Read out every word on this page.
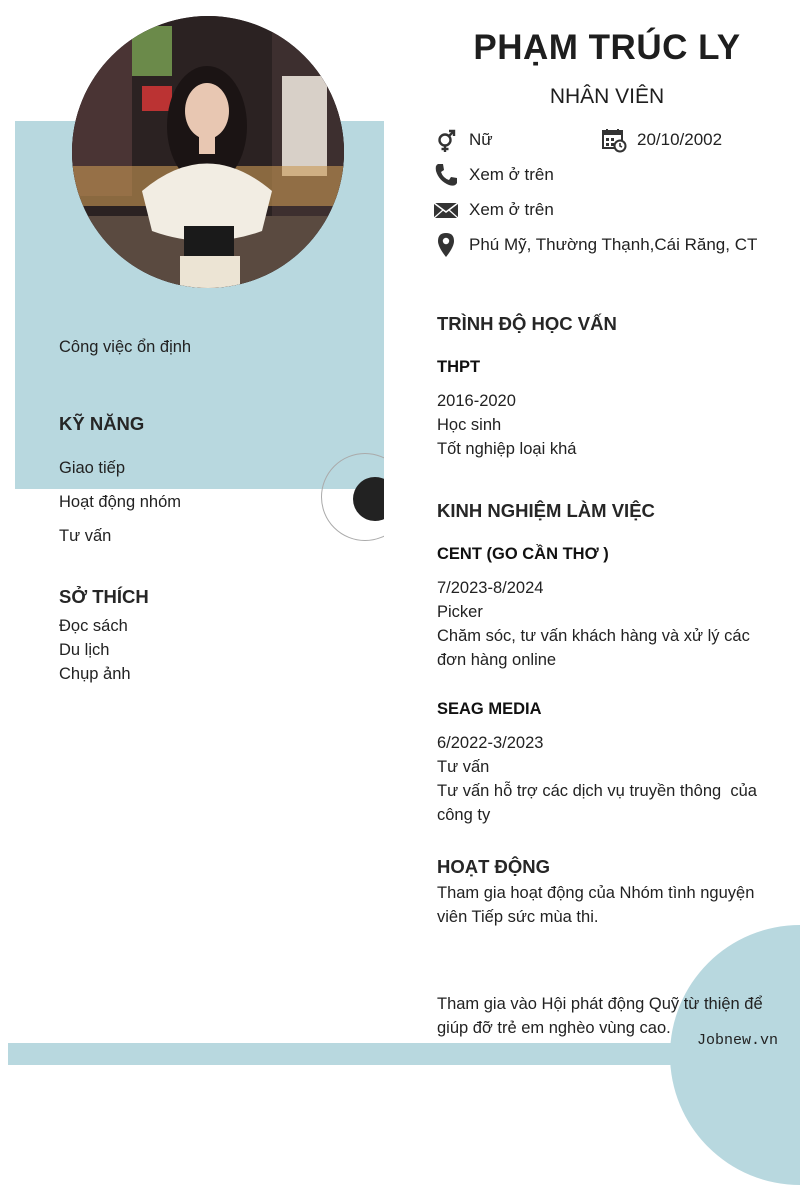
PHẠM TRÚC LY
NHÂN VIÊN
Nữ	20/10/2002
Xem ở trên
Xem ở trên
Phú Mỹ, Thường Thạnh,Cái Răng, CT
Công việc ổn định
KỸ NĂNG
Giao tiếp
Hoạt động nhóm
Tư vấn
SỞ THÍCH
Đọc sách
Du lịch
Chụp ảnh
TRÌNH ĐỘ HỌC VẤN
THPT
2016-2020
Học sinh
Tốt nghiệp loại khá
KINH NGHIỆM LÀM VIỆC
CENT (GO CẦN THƠ )
7/2023-8/2024
Picker
Chăm sóc, tư vấn khách hàng và xử lý các
đơn hàng online
SEAG MEDIA
6/2022-3/2023
Tư vấn
Tư vấn hỗ trợ các dịch vụ truyền thông  của
công ty
HOẠT ĐỘNG
Tham gia hoạt động của Nhóm tình nguyện
viên Tiếp sức mùa thi.
Tham gia vào Hội phát động Quỹ từ thiện để
giúp đỡ trẻ em nghèo vùng cao.
Jobnew.vn
